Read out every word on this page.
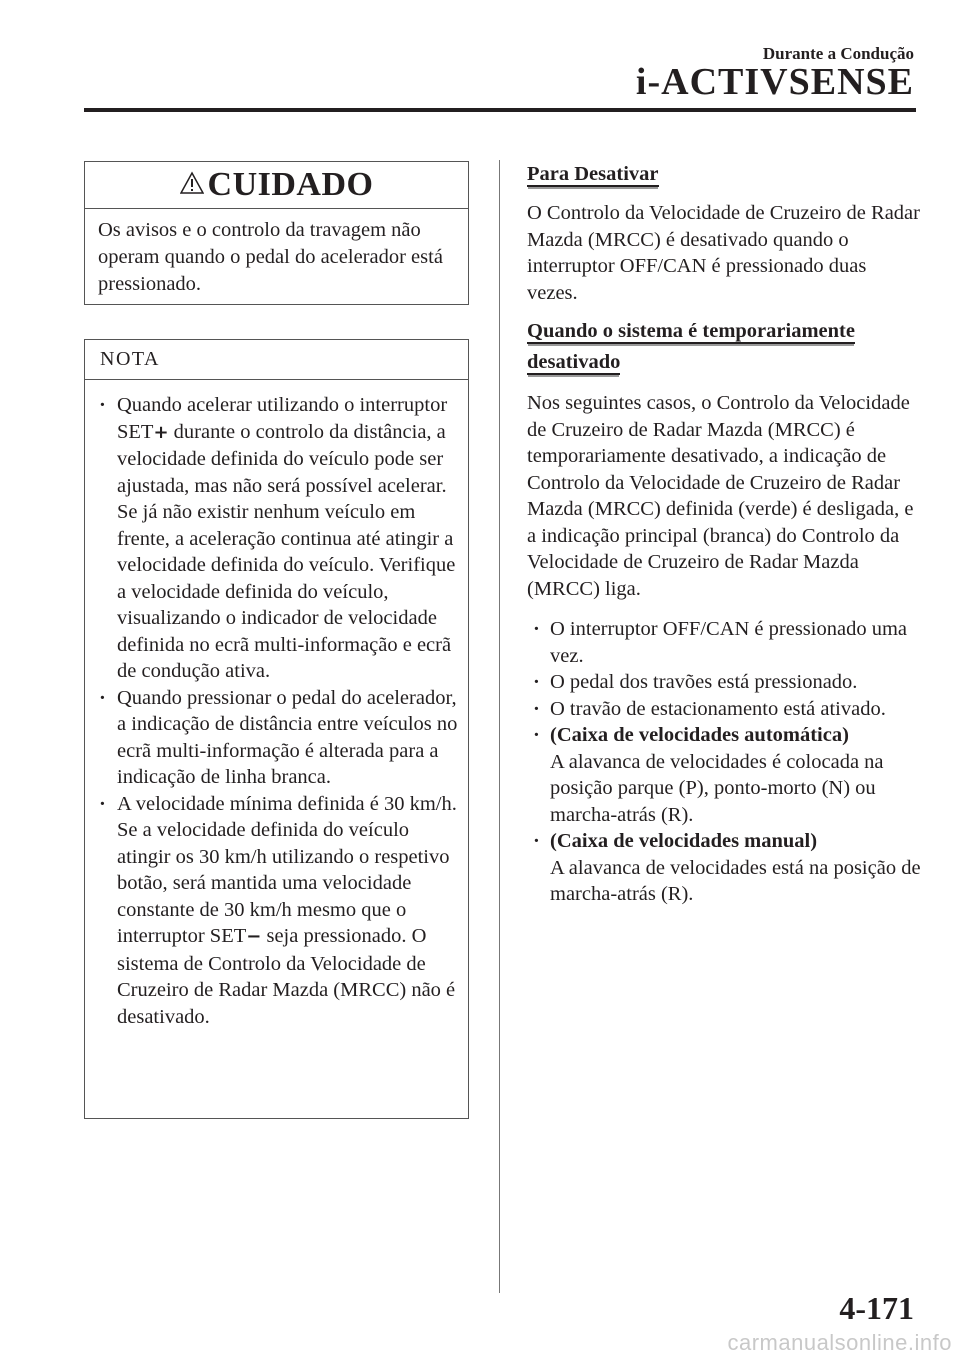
Durante a Condução
i-ACTIVSENSE
CUIDADO
Os avisos e o controlo da travagem não operam quando o pedal do acelerador está pressionado.
NOTA
· Quando acelerar utilizando o interruptor SET+ durante o controlo da distância, a velocidade definida do veículo pode ser ajustada, mas não será possível acelerar. Se já não existir nenhum veículo em frente, a aceleração continua até atingir a velocidade definida do veículo. Verifique a velocidade definida do veículo, visualizando o indicador de velocidade definida no ecrã multi-informação e ecrã de condução ativa.
· Quando pressionar o pedal do acelerador, a indicação de distância entre veículos no ecrã multi-informação é alterada para a indicação de linha branca.
· A velocidade mínima definida é 30 km/h. Se a velocidade definida do veículo atingir os 30 km/h utilizando o respetivo botão, será mantida uma velocidade constante de 30 km/h mesmo que o interruptor SET− seja pressionado. O sistema de Controlo da Velocidade de Cruzeiro de Radar Mazda (MRCC) não é desativado.
Para Desativar

O Controlo da Velocidade de Cruzeiro de Radar Mazda (MRCC) é desativado quando o interruptor OFF/CAN é pressionado duas vezes.

Quando o sistema é temporariamente
desativado

Nos seguintes casos, o Controlo da Velocidade de Cruzeiro de Radar Mazda (MRCC) é temporariamente desativado, a indicação de Controlo da Velocidade de Cruzeiro de Radar Mazda (MRCC) definida (verde) é desligada, e a indicação principal (branca) do Controlo da Velocidade de Cruzeiro de Radar Mazda (MRCC) liga.

· O interruptor OFF/CAN é pressionado uma vez.
· O pedal dos travões está pressionado.
· O travão de estacionamento está ativado.
· (Caixa de velocidades automática)
A alavanca de velocidades é colocada na posição parque (P), ponto-morto (N) ou marcha-atrás (R).
· (Caixa de velocidades manual)
A alavanca de velocidades está na posição de marcha-atrás (R).
4-171
carmanualsonline.info
